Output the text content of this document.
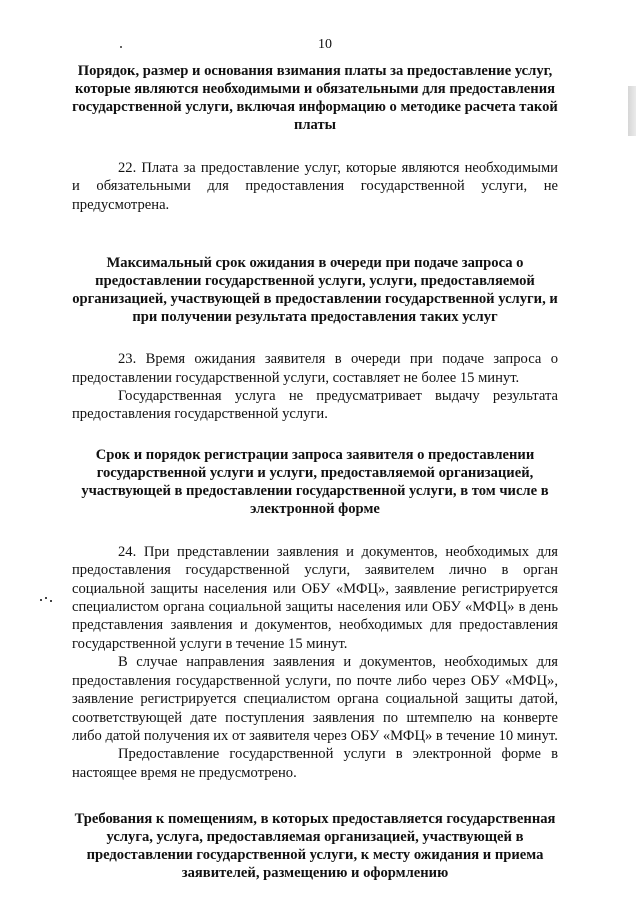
10

Порядок, размер и основания взимания платы за предоставление услуг, которые являются необходимыми и обязательными для предоставления государственной услуги, включая информацию о методике расчета такой платы

22. Плата за предоставление услуг, которые являются необходимыми и обязательными для предоставления государственной услуги, не предусмотрена.

Максимальный срок ожидания в очереди при подаче запроса о предоставлении государственной услуги, услуги, предоставляемой организацией, участвующей в предоставлении государственной услуги, и при получении результата предоставления таких услуг

23. Время ожидания заявителя в очереди при подаче запроса о предоставлении государственной услуги, составляет не более 15 минут.

Государственная услуга не предусматривает выдачу результата предоставления государственной услуги.

Срок и порядок регистрации запроса заявителя о предоставлении государственной услуги и услуги, предоставляемой организацией, участвующей в предоставлении государственной услуги, в том числе в электронной форме

24. При представлении заявления и документов, необходимых для предоставления государственной услуги, заявителем лично в орган социальной защиты населения или ОБУ «МФЦ», заявление регистрируется специалистом органа социальной защиты населения или ОБУ «МФЦ» в день представления заявления и документов, необходимых для предоставления государственной услуги в течение 15 минут.

В случае направления заявления и документов, необходимых для предоставления государственной услуги, по почте либо через ОБУ «МФЦ», заявление регистрируется специалистом органа социальной защиты датой, соответствующей дате поступления заявления по штемпелю на конверте либо датой получения их от заявителя через ОБУ «МФЦ» в течение 10 минут.

Предоставление государственной услуги в электронной форме в настоящее время не предусмотрено.

Требования к помещениям, в которых предоставляется государственная услуга, услуга, предоставляемая организацией, участвующей в предоставлении государственной услуги, к месту ожидания и приема заявителей, размещению и оформлению
